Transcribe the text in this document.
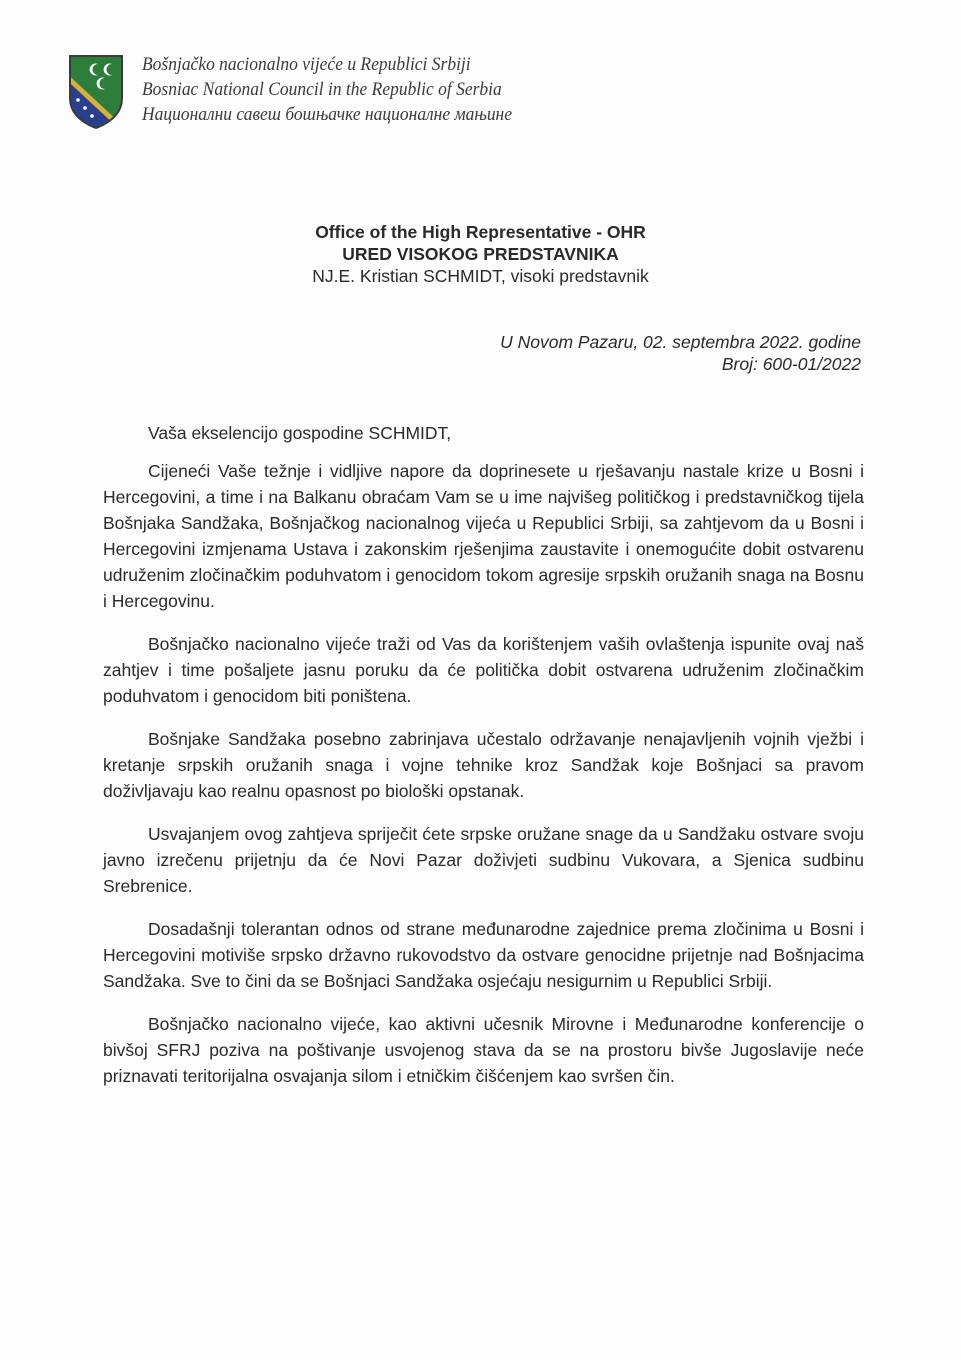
Bošnjačko nacionalno vijeće u Republici Srbiji
Bosniac National Council in the Republic of Serbia
Национални савеш бошњачке националне мањине
Office of the High Representative - OHR
URED VISOKOG PREDSTAVNIKA
NJ.E. Kristian SCHMIDT, visoki predstavnik
U Novom Pazaru, 02. septembra 2022. godine
Broj: 600-01/2022

Vaša ekselencijo gospodine SCHMIDT,

Cijeneći Vaše težnje i vidljive napore da doprinesete u rješavanju nastale krize u Bosni i Hercegovini, a time i na Balkanu obraćam Vam se u ime najvišeg političkog i predstavničkog tijela Bošnjaka Sandžaka, Bošnjačkog nacionalnog vijeća u Republici Srbiji, sa zahtjevom da u Bosni i Hercegovini izmjenama Ustava i zakonskim rješenjima zaustavite i onemogućite dobit ostvarenu udruženim zločinačkim poduhvatom i genocidom tokom agresije srpskih oružanih snaga na Bosnu i Hercegovinu.

Bošnjačko nacionalno vijeće traži od Vas da korištenjem vaših ovlaštenja ispunite ovaj naš zahtjev i time pošaljete jasnu poruku da će politička dobit ostvarena udruženim zločinačkim poduhvatom i genocidom biti poništena.

Bošnjake Sandžaka posebno zabrinjava učestalo održavanje nenajavljenih vojnih vježbi i kretanje srpskih oružanih snaga i vojne tehnike kroz Sandžak koje Bošnjaci sa pravom doživljavaju kao realnu opasnost po biološki opstanak.

Usvajanjem ovog zahtjeva spriječit ćete srpske oružane snage da u Sandžaku ostvare svoju javno izrečenu prijetnju da će Novi Pazar doživjeti sudbinu Vukovara, a Sjenica sudbinu Srebrenice.

Dosadašnji tolerantan odnos od strane međunarodne zajednice prema zločinima u Bosni i Hercegovini motiviše srpsko državno rukovodstvo da ostvare genocidne prijetnje nad Bošnjacima Sandžaka. Sve to čini da se Bošnjaci Sandžaka osjećaju nesigurnim u Republici Srbiji.

Bošnjačko nacionalno vijeće, kao aktivni učesnik Mirovne i Međunarodne konferencije o bivšoj SFRJ poziva na poštivanje usvojenog stava da se na prostoru bivše Jugoslavije neće priznavati teritorijalna osvajanja silom i etničkim čišćenjem kao svršen čin.
